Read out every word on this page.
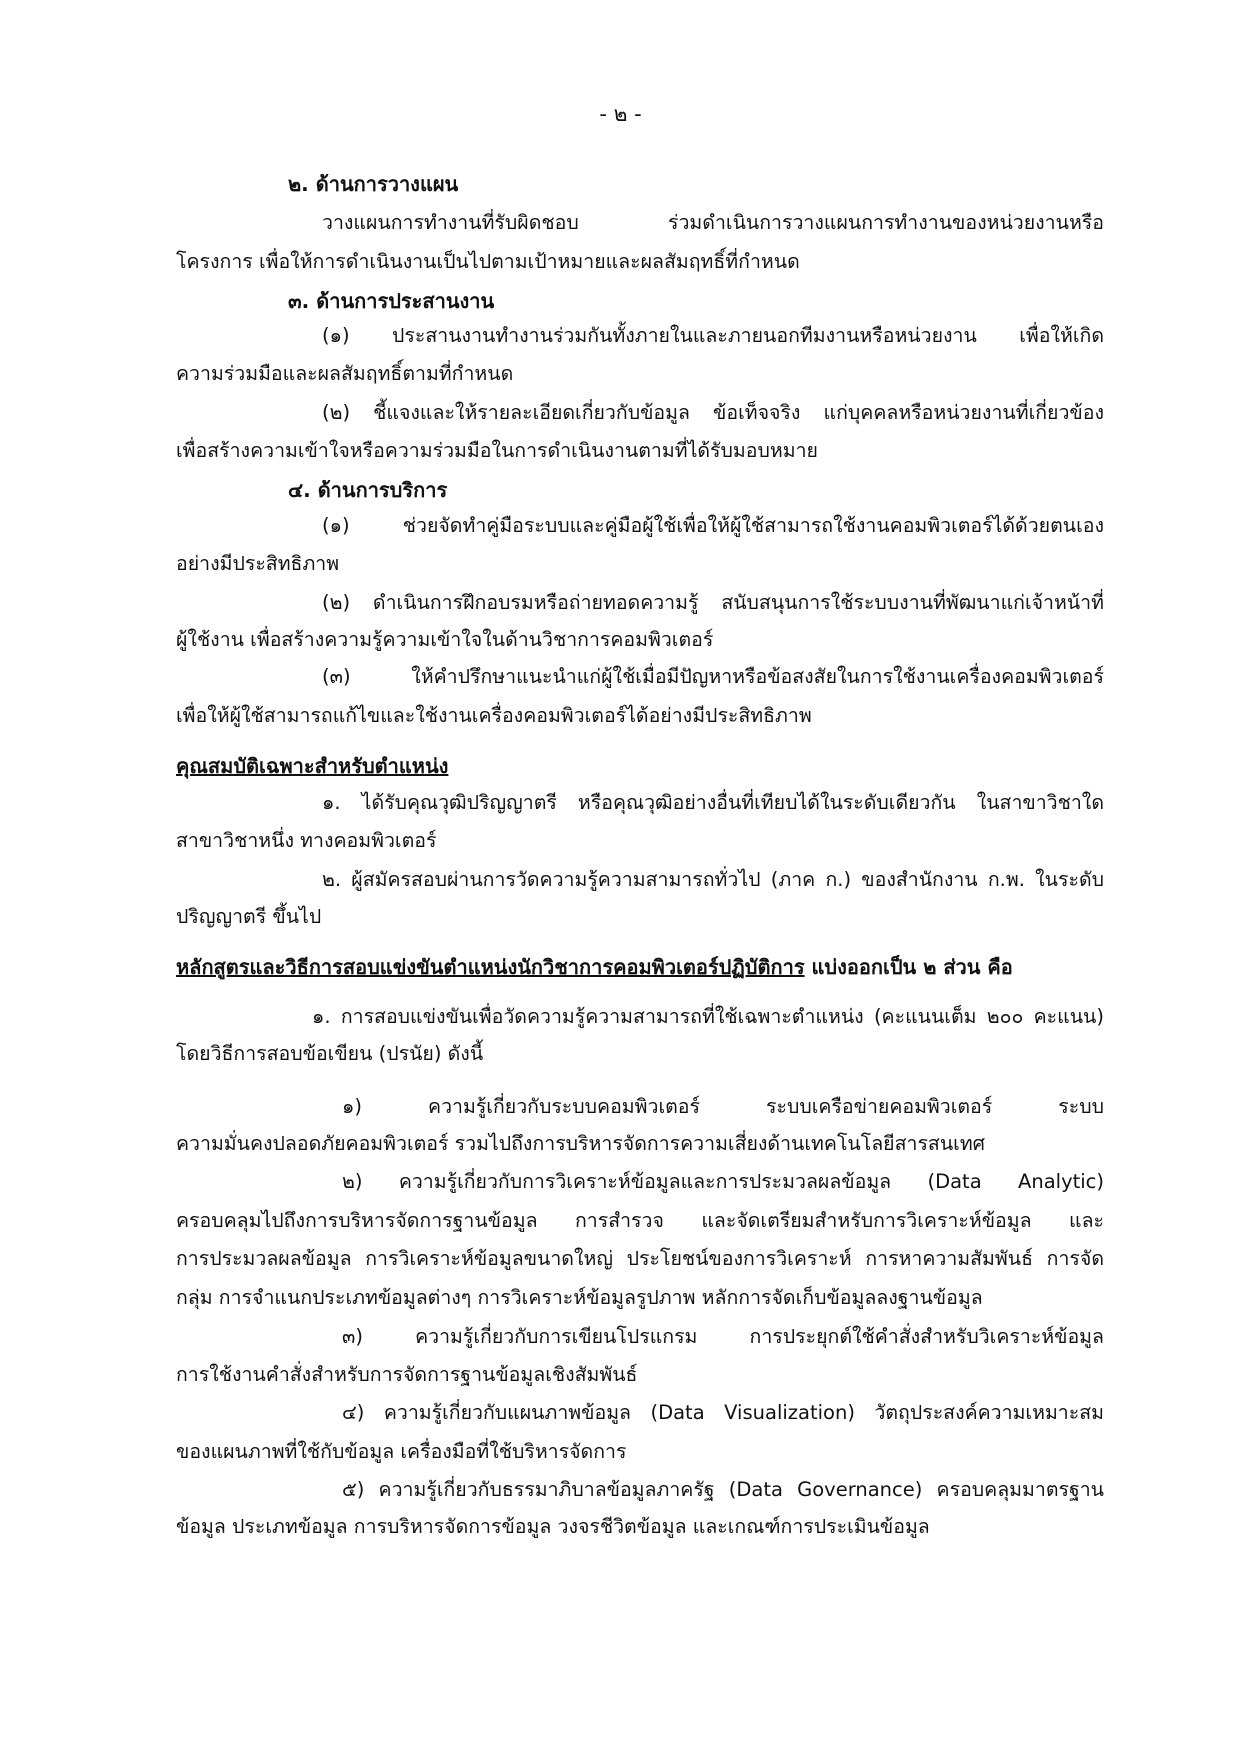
- ๒ -
๒. ด้านการวางแผน
วางแผนการทำงานที่รับผิดชอบ ร่วมดำเนินการวางแผนการทำงานของหน่วยงานหรือ
โครงการ เพื่อให้การดำเนินงานเป็นไปตามเป้าหมายและผลสัมฤทธิ์ที่กำหนด
๓. ด้านการประสานงาน
(๑) ประสานงานทำงานร่วมกันทั้งภายในและภายนอกทีมงานหรือหน่วยงาน เพื่อให้เกิด
ความร่วมมือและผลสัมฤทธิ์ตามที่กำหนด
(๒) ชี้แจงและให้รายละเอียดเกี่ยวกับข้อมูล ข้อเท็จจริง แก่บุคคลหรือหน่วยงานที่เกี่ยวข้อง
เพื่อสร้างความเข้าใจหรือความร่วมมือในการดำเนินงานตามที่ได้รับมอบหมาย
๔. ด้านการบริการ
(๑) ช่วยจัดทำคู่มือระบบและคู่มือผู้ใช้เพื่อให้ผู้ใช้สามารถใช้งานคอมพิวเตอร์ได้ด้วยตนเอง
อย่างมีประสิทธิภาพ
(๒) ดำเนินการฝึกอบรมหรือถ่ายทอดความรู้ สนับสนุนการใช้ระบบงานที่พัฒนาแก่เจ้าหน้าที่
ผู้ใช้งาน เพื่อสร้างความรู้ความเข้าใจในด้านวิชาการคอมพิวเตอร์
(๓) ให้คำปรึกษาแนะนำแก่ผู้ใช้เมื่อมีปัญหาหรือข้อสงสัยในการใช้งานเครื่องคอมพิวเตอร์
เพื่อให้ผู้ใช้สามารถแก้ไขและใช้งานเครื่องคอมพิวเตอร์ได้อย่างมีประสิทธิภาพ
คุณสมบัติเฉพาะสำหรับตำแหน่ง
๑. ได้รับคุณวุฒิปริญญาตรี หรือคุณวุฒิอย่างอื่นที่เทียบได้ในระดับเดียวกัน ในสาขาวิชาใด
สาขาวิชาหนึ่ง ทางคอมพิวเตอร์
๒. ผู้สมัครสอบผ่านการวัดความรู้ความสามารถทั่วไป (ภาค ก.) ของสำนักงาน ก.พ. ในระดับ
ปริญญาตรี ขึ้นไป
หลักสูตรและวิธีการสอบแข่งขันตำแหน่งนักวิชาการคอมพิวเตอร์ปฏิบัติการ แบ่งออกเป็น ๒ ส่วน คือ
๑. การสอบแข่งขันเพื่อวัดความรู้ความสามารถที่ใช้เฉพาะตำแหน่ง (คะแนนเต็ม ๒๐๐ คะแนน)
โดยวิธีการสอบข้อเขียน (ปรนัย) ดังนี้
๑) ความรู้เกี่ยวกับระบบคอมพิวเตอร์ ระบบเครือข่ายคอมพิวเตอร์ ระบบ
ความมั่นคงปลอดภัยคอมพิวเตอร์ รวมไปถึงการบริหารจัดการความเสี่ยงด้านเทคโนโลยีสารสนเทศ
๒) ความรู้เกี่ยวกับการวิเคราะห์ข้อมูลและการประมวลผลข้อมูล (Data Analytic)
ครอบคลุมไปถึงการบริหารจัดการฐานข้อมูล การสำรวจ และจัดเตรียมสำหรับการวิเคราะห์ข้อมูล และ
การประมวลผลข้อมูล การวิเคราะห์ข้อมูลขนาดใหญ่ ประโยชน์ของการวิเคราะห์ การหาความสัมพันธ์ การจัด
กลุ่ม การจำแนกประเภทข้อมูลต่างๆ การวิเคราะห์ข้อมูลรูปภาพ หลักการจัดเก็บข้อมูลลงฐานข้อมูล
๓) ความรู้เกี่ยวกับการเขียนโปรแกรม การประยุกต์ใช้คำสั่งสำหรับวิเคราะห์ข้อมูล
การใช้งานคำสั่งสำหรับการจัดการฐานข้อมูลเชิงสัมพันธ์
๔) ความรู้เกี่ยวกับแผนภาพข้อมูล (Data Visualization) วัตถุประสงค์ความเหมาะสม
ของแผนภาพที่ใช้กับข้อมูล เครื่องมือที่ใช้บริหารจัดการ
๕) ความรู้เกี่ยวกับธรรมาภิบาลข้อมูลภาครัฐ (Data Governance) ครอบคลุมมาตรฐาน
ข้อมูล ประเภทข้อมูล การบริหารจัดการข้อมูล วงจรชีวิตข้อมูล และเกณฑ์การประเมินข้อมูล
